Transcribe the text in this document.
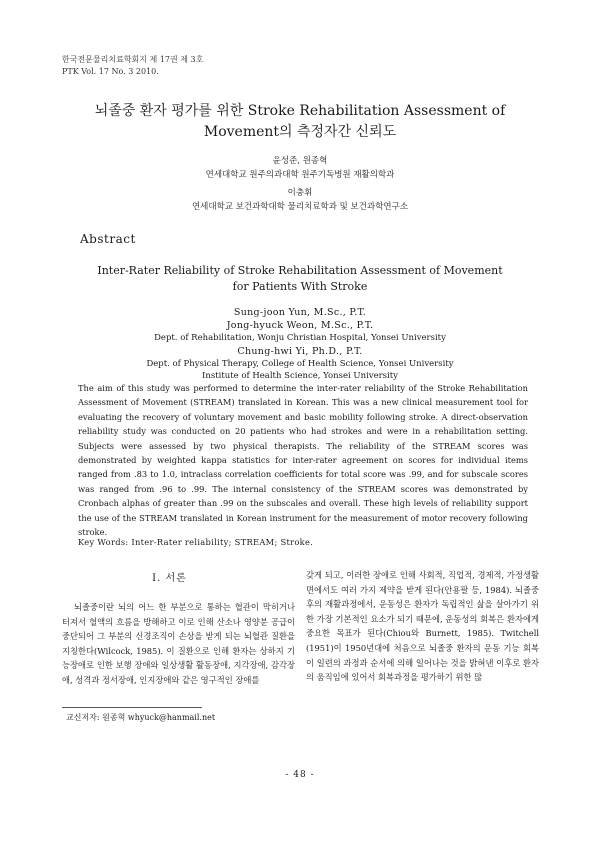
한국전문물리치료학회지 제 17권 제 3호
PTK Vol. 17 No. 3 2010.
뇌졸중 환자 평가를 위한 Stroke Rehabilitation Assessment of
Movement의 측정자간 신뢰도
윤성준, 원종혁
연세대학교 원주의과대학 원주기독병원 재활의학과
이충휘
연세대학교 보건과학대학 물리치료학과 및 보건과학연구소
Abstract
Inter-Rater Reliability of Stroke Rehabilitation Assessment of Movement
for Patients With Stroke
Sung-joon Yun, M.Sc., P.T.
Jong-hyuck Weon, M.Sc., P.T.
Dept. of Rehabilitation, Wonju Christian Hospital, Yonsei University
Chung-hwi Yi, Ph.D., P.T.
Dept. of Physical Therapy, College of Health Science, Yonsei University
Institute of Health Science, Yonsei University
The aim of this study was performed to determine the inter-rater reliability of the Stroke Rehabilitation Assessment of Movement (STREAM) translated in Korean. This was a new clinical measurement tool for evaluating the recovery of voluntary movement and basic mobility following stroke. A direct-observation reliability study was conducted on 20 patients who had strokes and were in a rehabilitation setting. Subjects were assessed by two physical therapists. The reliability of the STREAM scores was demonstrated by weighted kappa statistics for inter-rater agreement on scores for individual items ranged from .83 to 1.0, intraclass correlation coefficients for total score was .99, and for subscale scores was ranged from .96 to .99. The internal consistency of the STREAM scores was demonstrated by Cronbach alphas of greater than .99 on the subscales and overall. These high levels of reliability support the use of the STREAM translated in Korean instrument for the measurement of motor recovery following stroke.
Key Words: Inter-Rater reliability; STREAM; Stroke.
Ⅰ. 서론
뇌졸중이란 뇌의 어느 한 부분으로 통하는 혈관이 막히거나 터져서 혈액의 흐름을 방해하고 이로 인해 산소나 영양분 공급이 중단되어 그 부분의 신경조직이 손상을 받게 되는 뇌혈관 질환을 지칭한다(Wilcock, 1985). 이 질환으로 인해 환자는 상하지 기능장애로 인한 보행 장애와 일상생활 활동장애, 지각장애, 감각장애, 성격과 정서장애, 인지장애와 같은 영구적인 장애를
갖게 되고, 이러한 장애로 인해 사회적, 직업적, 경제적, 가정생활 면에서도 여러 가지 제약을 받게 된다(안용팔 등, 1984). 뇌졸중 후의 재활과정에서, 운동성은 환자가 독립적인 삶을 살아가기 위한 가장 기본적인 요소가 되기 때문에, 운동성의 회복은 환자에게 중요한 목표가 된다(Chiou와 Burnett, 1985). Twitchell (1951)이 1950년대에 처음으로 뇌졸중 환자의 운동 기능 회복이 일련의 과정과 순서에 의해 일어나는 것을 밝혀낸 이후로 환자의 움직임에 있어서 회복과정을 평가하기 위한 많
교신저자: 원종혁 whyuck@hanmail.net
- 48 -
